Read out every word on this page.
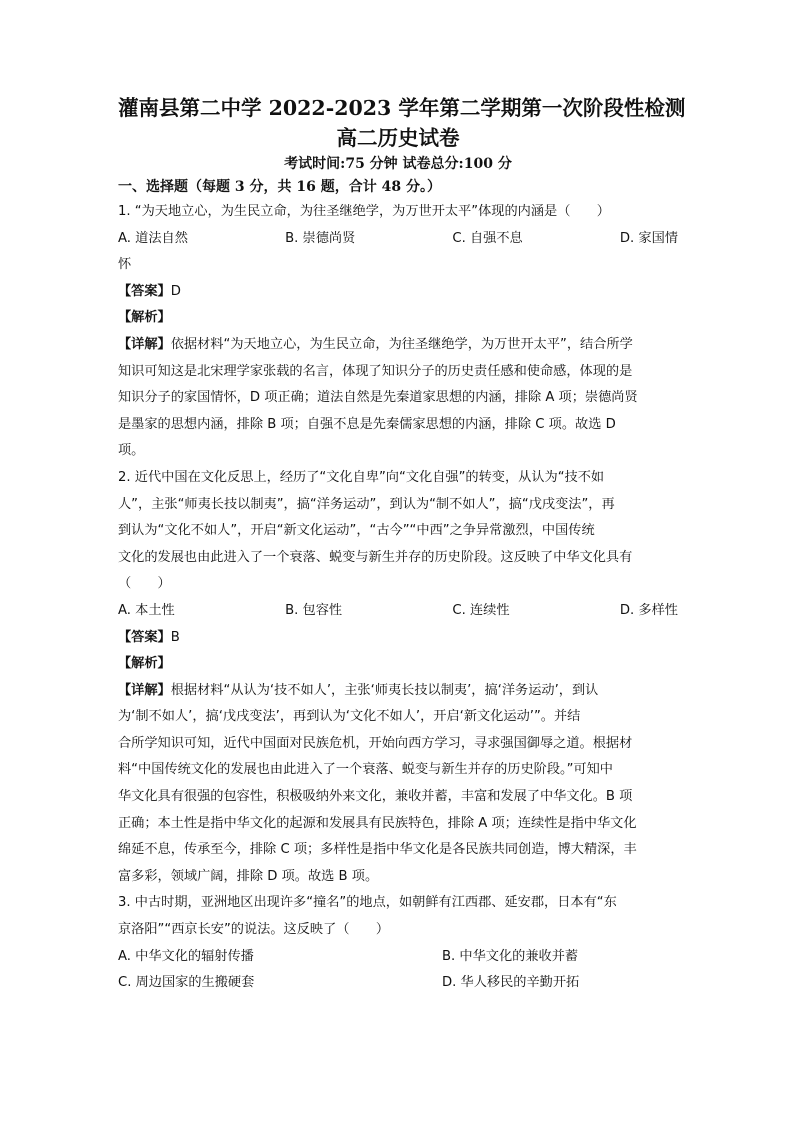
灌南县第二中学 2022-2023 学年第二学期第一次阶段性检测
高二历史试卷
考试时间:75 分钟 试卷总分:100 分
一、选择题（每题 3 分，共 16 题，合计 48 分。）

1. “为天地立心，为生民立命，为往圣继绝学，为万世开太平”体现的内涵是（　　）

A. 道法自然	B. 崇德尚贤	C. 自强不息	D. 家国情

怀

【答案】D
【解析】

【详解】依据材料“为天地立心，为生民立命，为往圣继绝学，为万世开太平”，结合所学

知识可知这是北宋理学家张载的名言，体现了知识分子的历史责任感和使命感，体现的是

知识分子的家国情怀，D 项正确；道法自然是先秦道家思想的内涵，排除 A 项；崇德尚贤

是墨家的思想内涵，排除 B 项；自强不息是先秦儒家思想的内涵，排除 C 项。故选 D

项。

2. 近代中国在文化反思上，经历了“文化自卑”向“文化自强”的转变，从认为“技不如

人”，主张“师夷长技以制夷”，搞“洋务运动”，到认为“制不如人”，搞“戊戌变法”，再

到认为“文化不如人”，开启“新文化运动”，“古今”“中西”之争异常激烈，中国传统

文化的发展也由此进入了一个衰落、蜕变与新生并存的历史阶段。这反映了中华文化具有

（　　）

A. 本土性	B. 包容性	C. 连续性	D. 多样性
【答案】B
【解析】

【详解】根据材料“从认为‘技不如人’，主张‘师夷长技以制夷’，搞‘洋务运动’，到认

为‘制不如人’，搞‘戊戌变法’，再到认为‘文化不如人’，开启‘新文化运动’”。并结

合所学知识可知，近代中国面对民族危机，开始向西方学习，寻求强国御辱之道。根据材

料“中国传统文化的发展也由此进入了一个衰落、蜕变与新生并存的历史阶段。”可知中

华文化具有很强的包容性，积极吸纳外来文化，兼收并蓄，丰富和发展了中华文化。B 项

正确；本土性是指中华文化的起源和发展具有民族特色，排除 A 项；连续性是指中华文化

绵延不息，传承至今，排除 C 项；多样性是指中华文化是各民族共同创造，博大精深，丰

富多彩，领域广阔，排除 D 项。故选 B 项。

3. 中古时期，亚洲地区出现许多“撞名”的地点，如朝鲜有江西郡、延安郡，日本有“东

京洛阳”“西京长安”的说法。这反映了（　　）

A. 中华文化的辐射传播	B. 中华文化的兼收并蓄
C. 周边国家的生搬硬套	D. 华人移民的辛勤开拓
